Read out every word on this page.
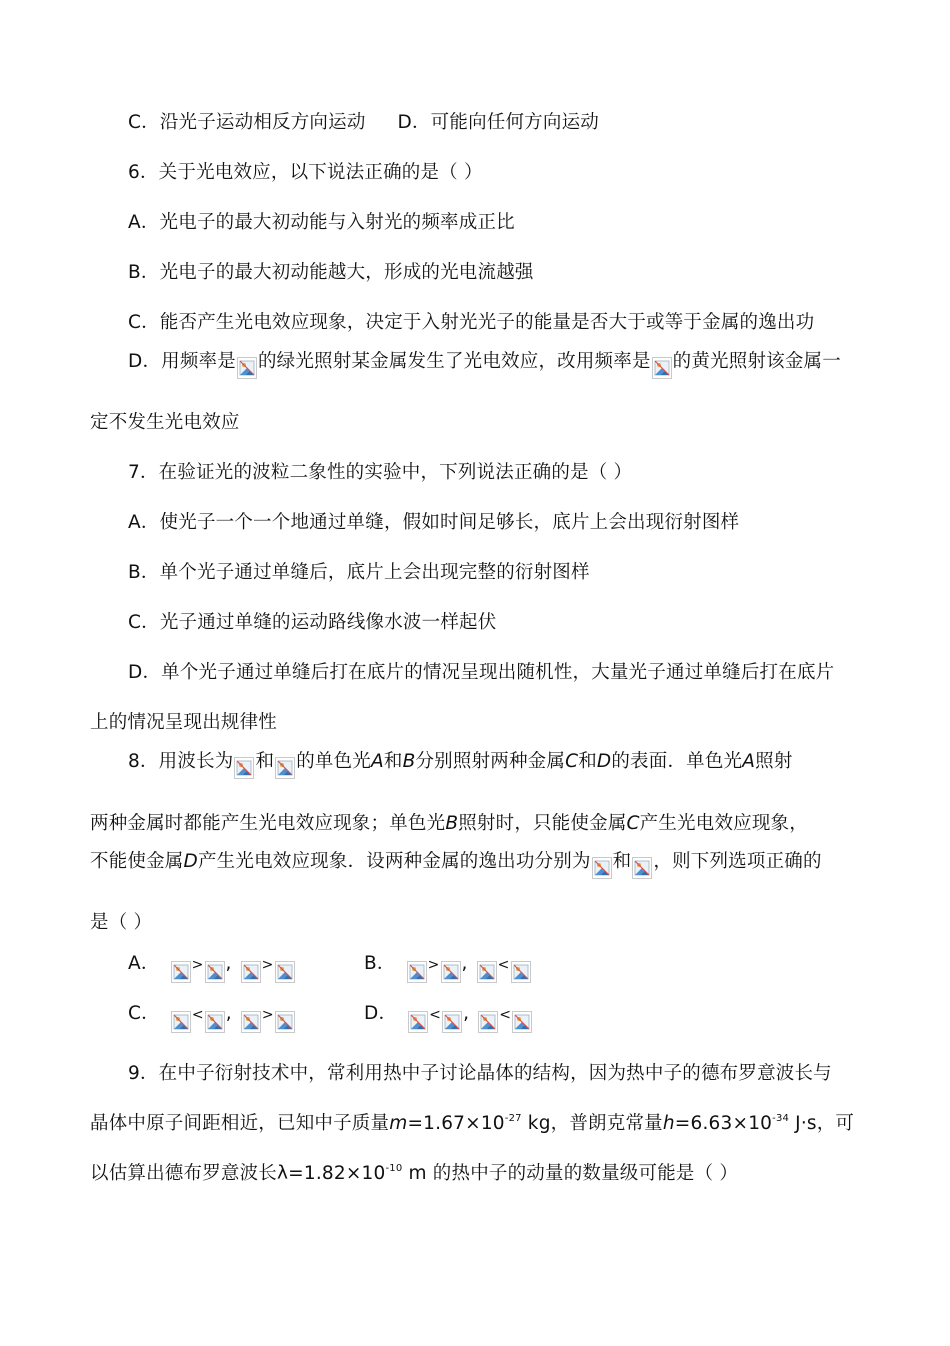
C．沿光子运动相反方向运动 D．可能向任何方向运动
6．关于光电效应，以下说法正确的是（ ）
A．光电子的最大初动能与入射光的频率成正比
B．光电子的最大初动能越大，形成的光电流越强
C．能否产生光电效应现象，决定于入射光光子的能量是否大于或等于金属的逸出功
D．用频率是 的绿光照射某金属发生了光电效应，改用频率是 的黄光照射该金属一
定不发生光电效应
7．在验证光的波粒二象性的实验中，下列说法正确的是（ ）
A．使光子一个一个地通过单缝，假如时间足够长，底片上会出现衍射图样
B．单个光子通过单缝后，底片上会出现完整的衍射图样
C．光子通过单缝的运动路线像水波一样起伏
D．单个光子通过单缝后打在底片的情况呈现出随机性，大量光子通过单缝后打在底片
上的情况呈现出规律性
8．用波长为 和 的单色光A和B分别照射两种金属C和D的表面．单色光A照射
两种金属时都能产生光电效应现象；单色光B照射时，只能使金属C产生光电效应现象，
不能使金属D产生光电效应现象．设两种金属的逸出功分别为 和 ，则下列选项正确的
是（ ）
A． > , >	B． > , <
C． < , >	D． < , <
9．在中子衍射技术中，常利用热中子讨论晶体的结构，因为热中子的德布罗意波长与
晶体中原子间距相近，已知中子质量$m=1.67\times 10^{-27}$ kg，普朗克常量$h=6.63\times 10^{-34}$ J·s，可
以估算出德布罗意波长$\lambda=1.82\times 10^{-10}$ m 的热中子的动量的数量级可能是（ ）
